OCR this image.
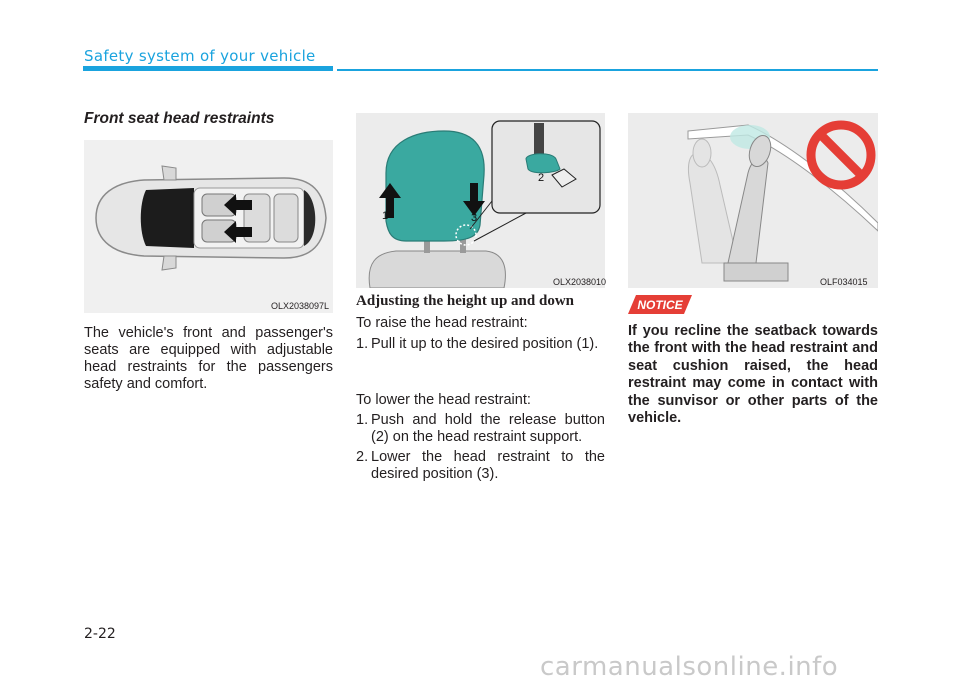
Safety system of your vehicle
Front seat head restraints
OLX2038097L
The vehicle's front and passenger's
seats are equipped with adjustable
head restraints for the passengers
safety and comfort.
1	3
2
OLX2038010
Adjusting the height up and down
To raise the head restraint:
1. Pull it up to the desired position (1).
To lower the head restraint:
1. Push and hold the release button (2) on the head restraint support.
2. Lower the head restraint to the desired position (3).
OLF034015
NOTICE
If you recline the seatback towards the front with the head restraint and seat cushion raised, the head restraint may come in contact with the sunvisor or other parts of the vehicle.
2-22
carmanualsonline.info
